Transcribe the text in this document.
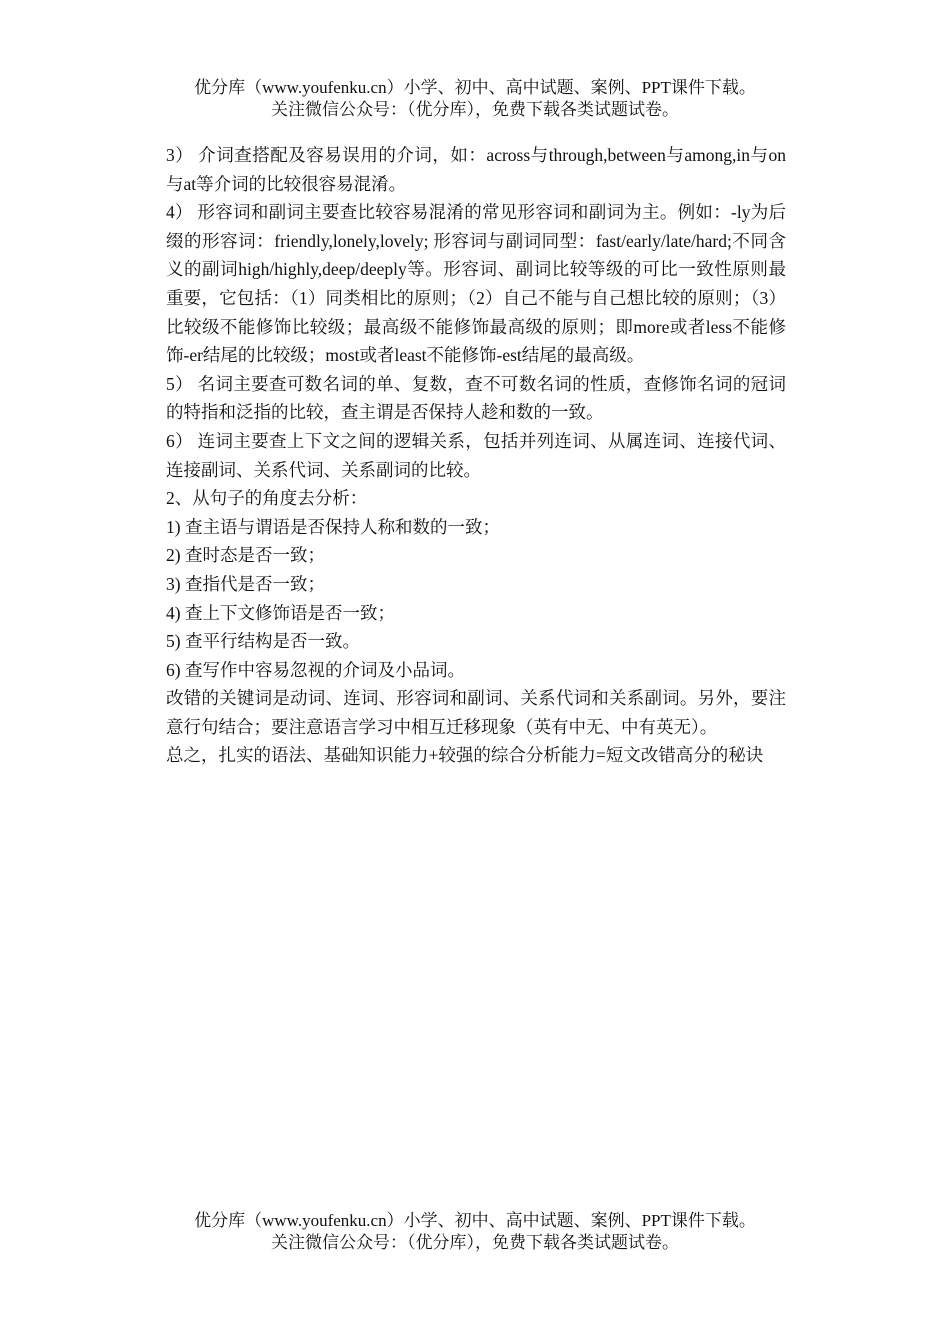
优分库（www.youfenku.cn）小学、初中、高中试题、案例、PPT课件下载。
关注微信公众号：（优分库），免费下载各类试题试卷。

3） 介词查搭配及容易误用的介词，如：across与through,between与among,in与on与at等介词的比较很容易混淆。

4） 形容词和副词主要查比较容易混淆的常见形容词和副词为主。例如：-ly为后缀的形容词：friendly,lonely,lovely; 形容词与副词同型：fast/early/late/hard;不同含义的副词high/highly,deep/deeply等。形容词、副词比较等级的可比一致性原则最重要，它包括：（1）同类相比的原则；（2）自己不能与自己想比较的原则；（3）比较级不能修饰比较级；最高级不能修饰最高级的原则；即more或者less不能修饰-er结尾的比较级；most或者least不能修饰-est结尾的最高级。

5） 名词主要查可数名词的单、复数，查不可数名词的性质，查修饰名词的冠词的特指和泛指的比较，查主谓是否保持人趁和数的一致。

6） 连词主要查上下文之间的逻辑关系，包括并列连词、从属连词、连接代词、连接副词、关系代词、关系副词的比较。

2、从句子的角度去分析：

1) 查主语与谓语是否保持人称和数的一致；

2) 查时态是否一致；

3) 查指代是否一致；

4) 查上下文修饰语是否一致；

5) 查平行结构是否一致。

6) 查写作中容易忽视的介词及小品词。

改错的关键词是动词、连词、形容词和副词、关系代词和关系副词。另外，要注意行句结合；要注意语言学习中相互迁移现象（英有中无、中有英无）。

总之，扎实的语法、基础知识能力+较强的综合分析能力=短文改错高分的秘诀

优分库（www.youfenku.cn）小学、初中、高中试题、案例、PPT课件下载。
关注微信公众号：（优分库），免费下载各类试题试卷。
